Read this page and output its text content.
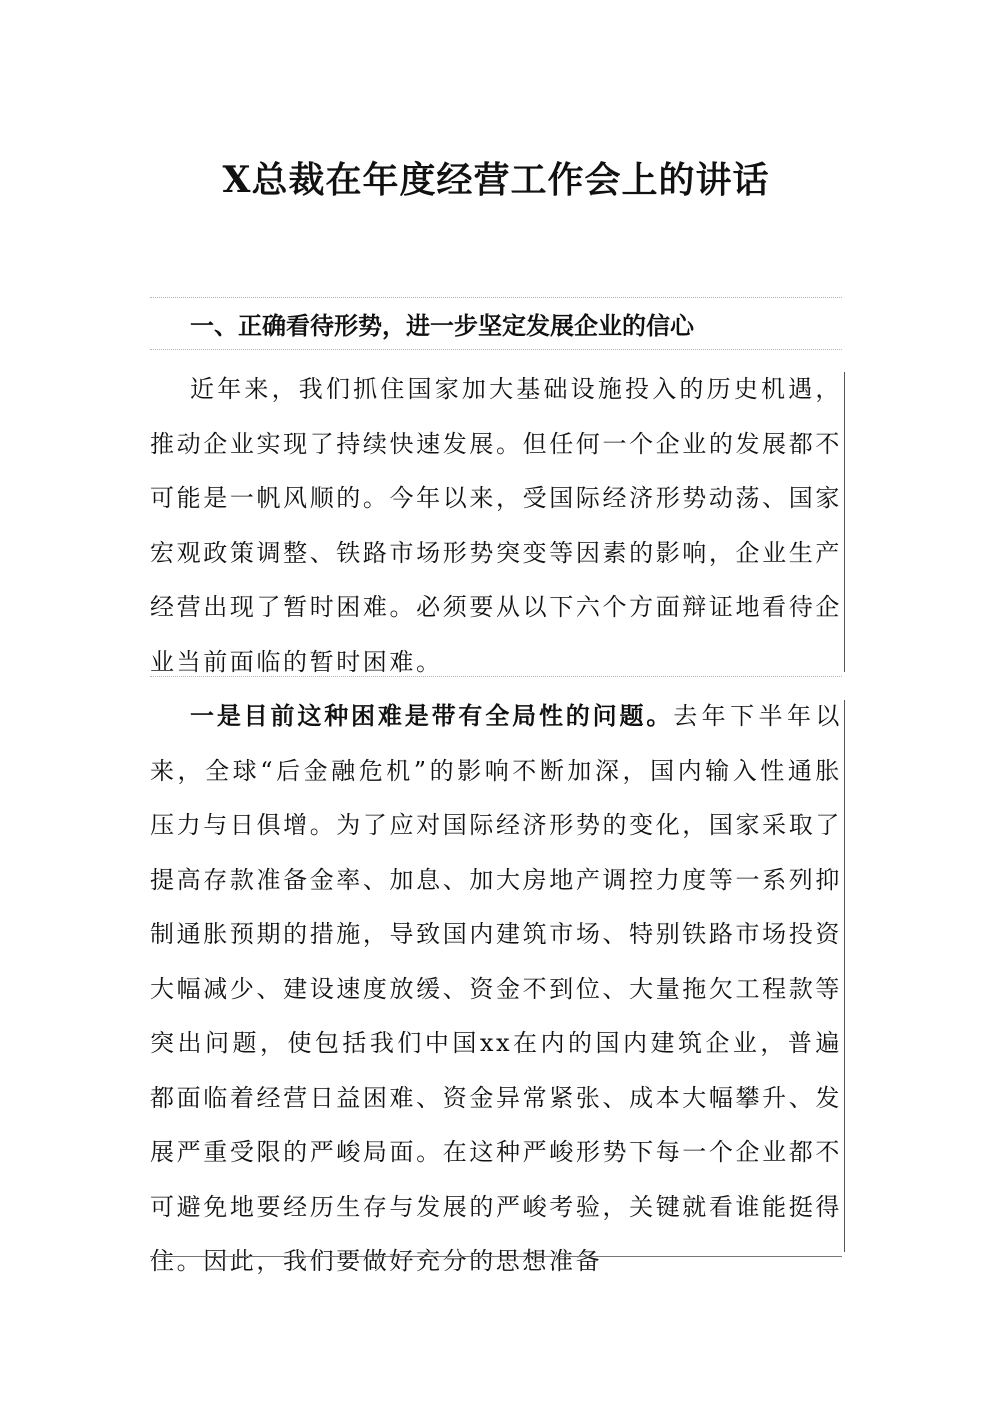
X总裁在年度经营工作会上的讲话
一、正确看待形势，进一步坚定发展企业的信心

近年来，我们抓住国家加大基础设施投入的历史机遇，推动企业实现了持续快速发展。但任何一个企业的发展都不可能是一帆风顺的。今年以来，受国际经济形势动荡、国家宏观政策调整、铁路市场形势突变等因素的影响，企业生产经营出现了暂时困难。必须要从以下六个方面辩证地看待企业当前面临的暂时困难。

一是目前这种困难是带有全局性的问题。去年下半年以来，全球“后金融危机”的影响不断加深，国内输入性通胀压力与日俱增。为了应对国际经济形势的变化，国家采取了提高存款准备金率、加息、加大房地产调控力度等一系列抑制通胀预期的措施，导致国内建筑市场、特别铁路市场投资大幅减少、建设速度放缓、资金不到位、大量拖欠工程款等突出问题，使包括我们中国xx在内的国内建筑企业，普遍都面临着经营日益困难、资金异常紧张、成本大幅攀升、发展严重受限的严峻局面。在这种严峻形势下每一个企业都不可避免地要经历生存与发展的严峻考验，关键就看谁能挺得住。因此，我们要做好充分的思想准备
